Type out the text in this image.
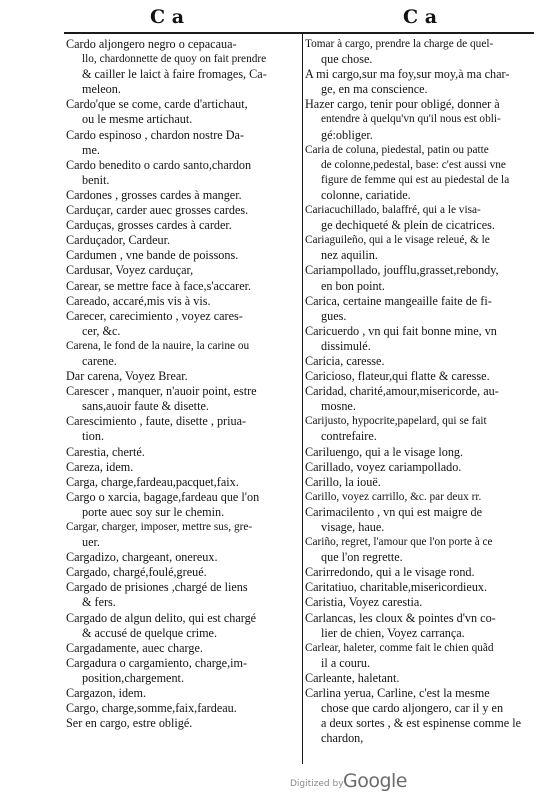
C a	C a
Cardo aljongero negro o cepacaua-
llo, chardonnette de quoy on fait prendre
& cailler le laict à faire fromages, Ca-
meleon.
Cardo'que se come, carde d'artichaut,
ou le mesme artichaut.
Cardo espinoso , chardon nostre Da-
me.
Cardo benedito o cardo santo,chardon
benit.
Cardones , grosses cardes à manger.
Carduçar, carder auec grosses cardes.
Carduças, grosses cardes à carder.
Carduçador, Cardeur.
Cardumen , vne bande de poissons.
Cardusar, Voyez carduçar,
Carear, se mettre face à face,s'accarer.
Careado, accaré,mis vis à vis.
Carecer, carecimiento , voyez cares-
cer, &c.
Carena, le fond de la nauire, la carine ou
carene.
Dar carena, Voyez Brear.
Carescer , manquer, n'auoir point, estre
sans,auoir faute & disette.
Carescimiento , faute, disette , priua-
tion.
Carestia, cherté.
Careza, idem.
Carga, charge,fardeau,pacquet,faix.
Cargo o xarcia, bagage,fardeau que l'on
porte auec soy sur le chemin.
Cargar, charger, imposer, mettre sus, gre-
uer.
Cargadizo, chargeant, onereux.
Cargado, chargé,foulé,greué.
Cargado de prisiones ,chargé de liens
& fers.
Cargado de algun delito, qui est chargé
& accusé de quelque crime.
Cargadamente, auec charge.
Cargadura o cargamiento, charge,im-
position,chargement.
Cargazon, idem.
Cargo, charge,somme,faix,fardeau.
Ser en cargo, estre obligé.
Tomar à cargo, prendre la charge de quel-
que chose.
A mi cargo,sur ma foy,sur moy,à ma char-
ge, en ma conscience.
Hazer cargo, tenir pour obligé, donner à
entendre à quelqu'vn qu'il nous est obli-
gé:obliger.
Caria de coluna, piedestal, patin ou patte
de colonne,pedestal, base: c'est aussi vne
figure de femme qui est au piedestal de la
colonne, cariatide.
Cariacuchillado, balaffré, qui a le visa-
ge dechiqueté & plein de cicatrices.
Cariaguileño, qui a le visage releué, & le
nez aquilin.
Cariampollado, joufflu,grasset,rebondy,
en bon point.
Carica, certaine mangeaille faite de fi-
gues.
Caricuerdo , vn qui fait bonne mine, vn
dissimulé.
Caricia, caresse.
Cariciosо, flateur,qui flatte & caresse.
Caridad, charité,amour,misericorde, au-
mosne.
Carijusto, hypocrite,papelard, qui se fait
contrefaire.
Cariluengo, qui a le visage long.
Carillado, voyez cariampollado.
Carillo, la iouë.
Carillo, voyez carrillo, &c. par deux rr.
Carimacilento , vn qui est maigre de
visage, haue.
Cariño, regret, l'amour que l'on porte à ce
que l'on regrette.
Carirredondo, qui a le visage rond.
Caritatiuo, charitable,misericordieux.
Caristia, Voyez carestia.
Carlancas, les cloux & pointes d'vn co-
lier de chien, Voyez carrança.
Carlear, haleter, comme fait le chien quãd
il a couru.
Carleante, haletant.
Carlina yerua, Carline, c'est la mesme
chose que cardo aljongero, car il y en
a deux sortes , & est espinense comme le
chardon,
Digitized by Google
